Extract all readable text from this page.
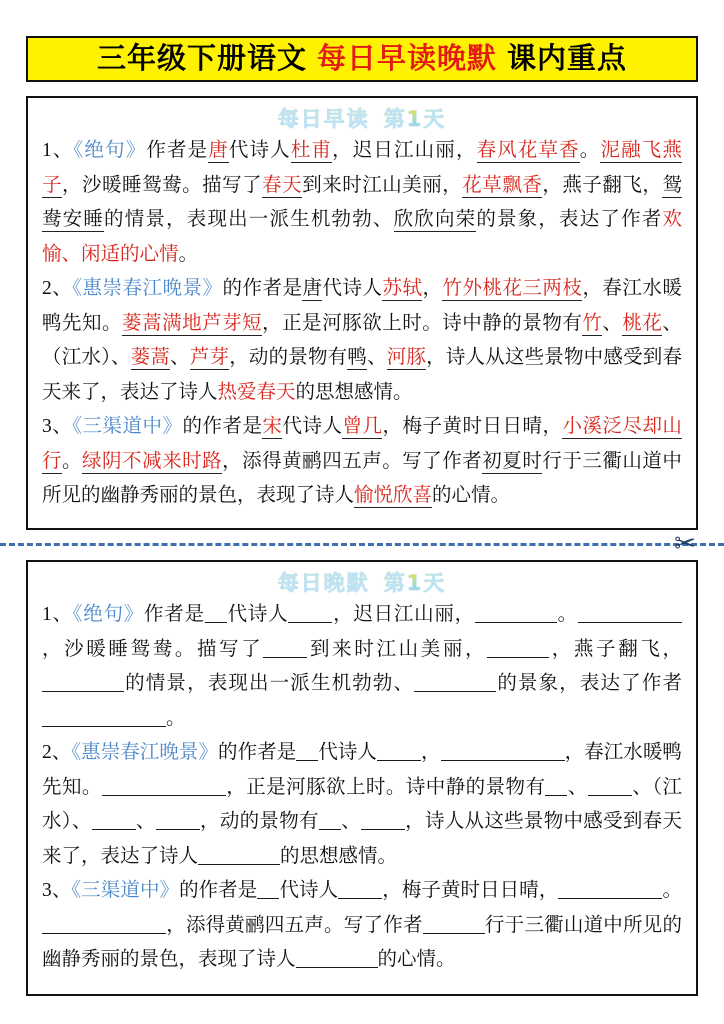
三年级下册语文 每日早读晚默 课内重点
每日早读 第1天

1、《绝句》作者是唐代诗人杜甫，迟日江山丽，春风花草香。泥融飞燕子，沙暖睡鸳鸯。描写了春天到来时江山美丽，花草飘香，燕子翻飞，鸳鸯安睡的情景，表现出一派生机勃勃、欣欣向荣的景象，表达了作者欢愉、闲适的心情。

2、《惠崇春江晚景》的作者是唐代诗人苏轼，竹外桃花三两枝，春江水暖鸭先知。蒌蒿满地芦芽短，正是河豚欲上时。诗中静的景物有竹、桃花、（江水）、蒌蒿、芦芽，动的景物有鸭、河豚，诗人从这些景物中感受到春天来了，表达了诗人热爱春天的思想感情。

3、《三渠道中》的作者是宋代诗人曾几，梅子黄时日日晴，小溪泛尽却山行。绿阴不减来时路，添得黄鹂四五声。写了作者初夏时行于三衢山道中所见的幽静秀丽的景色，表现了诗人愉悦欣喜的心情。

✂
每日晚默 第1天

1、《绝句》作者是 代诗人 ，迟日江山丽，	。，沙暖睡鸳鸯。描写了 到来时江山美丽，	，燕子翻飞，的情景，表现出一派生机勃勃、	的景象，表达了作者。

2、《惠崇春江晚景》的作者是 代诗人 ，	，春江水暖鸭先知。	，正是河豚欲上时。诗中静的景物有 、 、（江水）、 、 ，动的景物有 、 ，诗人从这些景物中感受到春天来了，表达了诗人	的思想感情。

3、《三渠道中》的作者是 代诗人 ，梅子黄时日日晴，	。，添得黄鹂四五声。写了作者	行于三衢山道中所见的幽静秀丽的景色，表现了诗人	的心情。
